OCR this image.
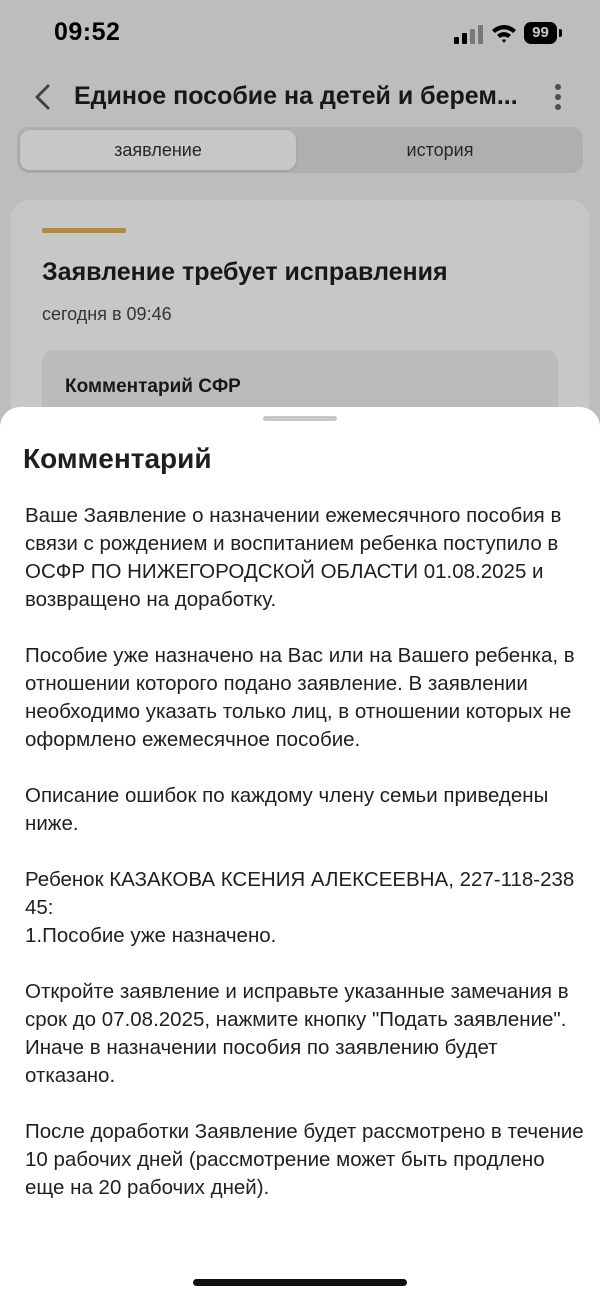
09:52	99
Единое пособие на детей и берем...
заявление	история
Заявление требует исправления
сегодня в 09:46
Комментарий СФР
Комментарий

Ваше Заявление о назначении ежемесячного пособия в связи с рождением и воспитанием ребенка поступило в ОСФР ПО НИЖЕГОРОДСКОЙ ОБЛАСТИ 01.08.2025 и возвращено на доработку.

Пособие уже назначено на Вас или на Вашего ребенка, в отношении которого подано заявление. В заявлении необходимо указать только лиц, в отношении которых не оформлено ежемесячное пособие.

Описание ошибок по каждому члену семьи приведены ниже.

Ребенок КАЗАКОВА КСЕНИЯ АЛЕКСЕЕВНА, 227-118-238 45:
1.Пособие уже назначено.

Откройте заявление и исправьте указанные замечания в срок до 07.08.2025, нажмите кнопку "Подать заявление". Иначе в назначении пособия по заявлению будет отказано.

После доработки Заявление будет рассмотрено в течение 10 рабочих дней (рассмотрение может быть продлено еще на 20 рабочих дней).
